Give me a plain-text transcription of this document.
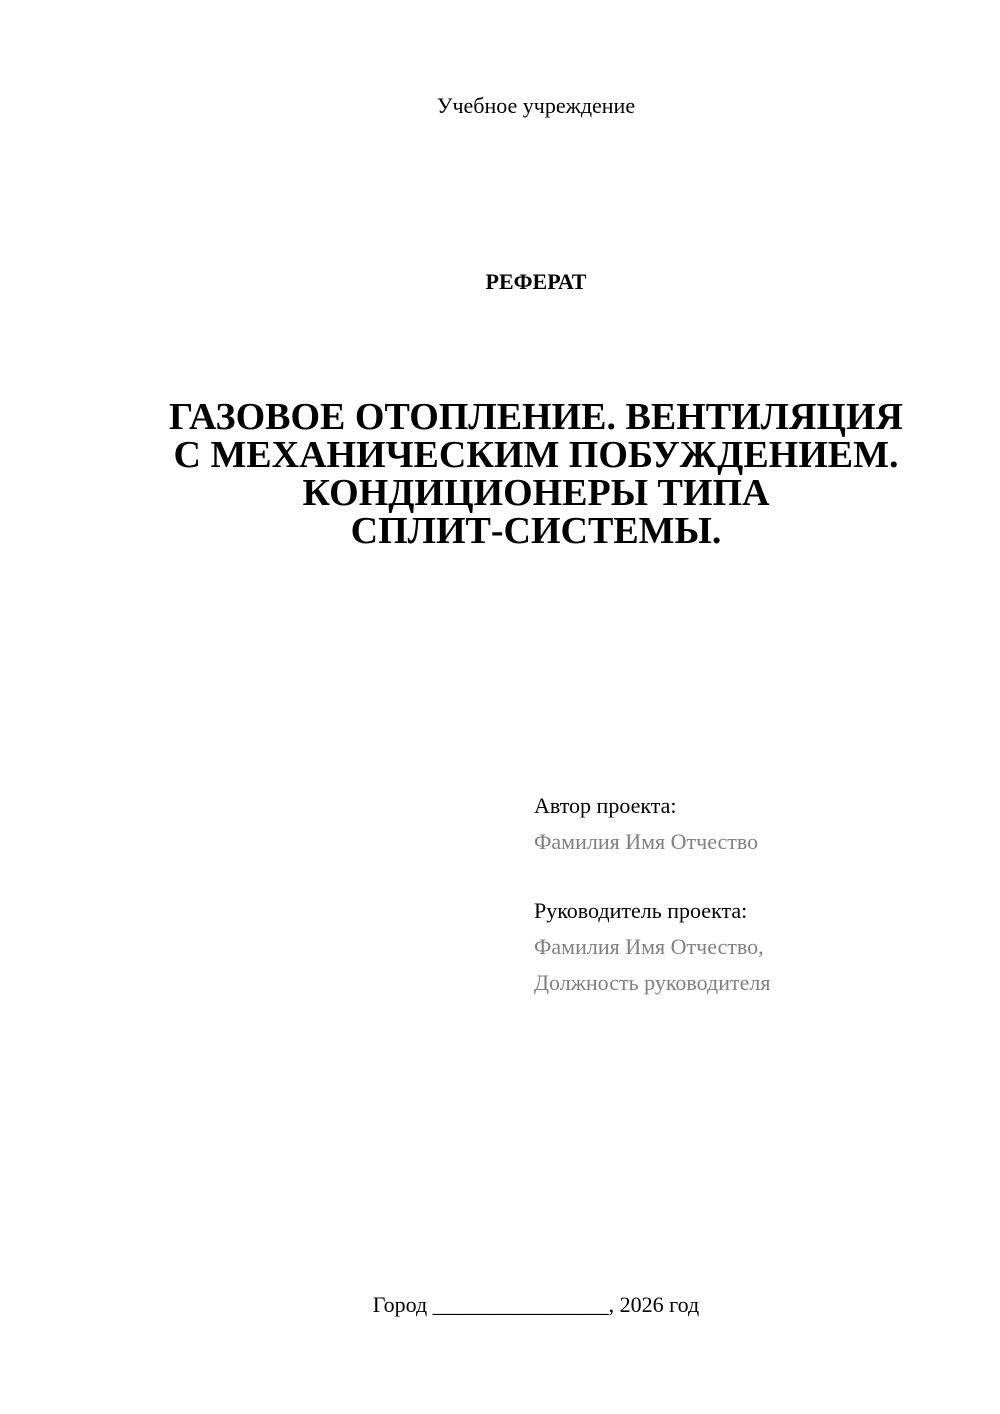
Учебное учреждение
РЕФЕРАТ
ГАЗОВОЕ ОТОПЛЕНИЕ. ВЕНТИЛЯЦИЯ
С МЕХАНИЧЕСКИМ ПОБУЖДЕНИЕМ.
КОНДИЦИОНЕРЫ ТИПА
СПЛИТ-СИСТЕМЫ.
Автор проекта:
Фамилия Имя Отчество
Руководитель проекта:
Фамилия Имя Отчество,
Должность руководителя
Город ________________, 2026 год
